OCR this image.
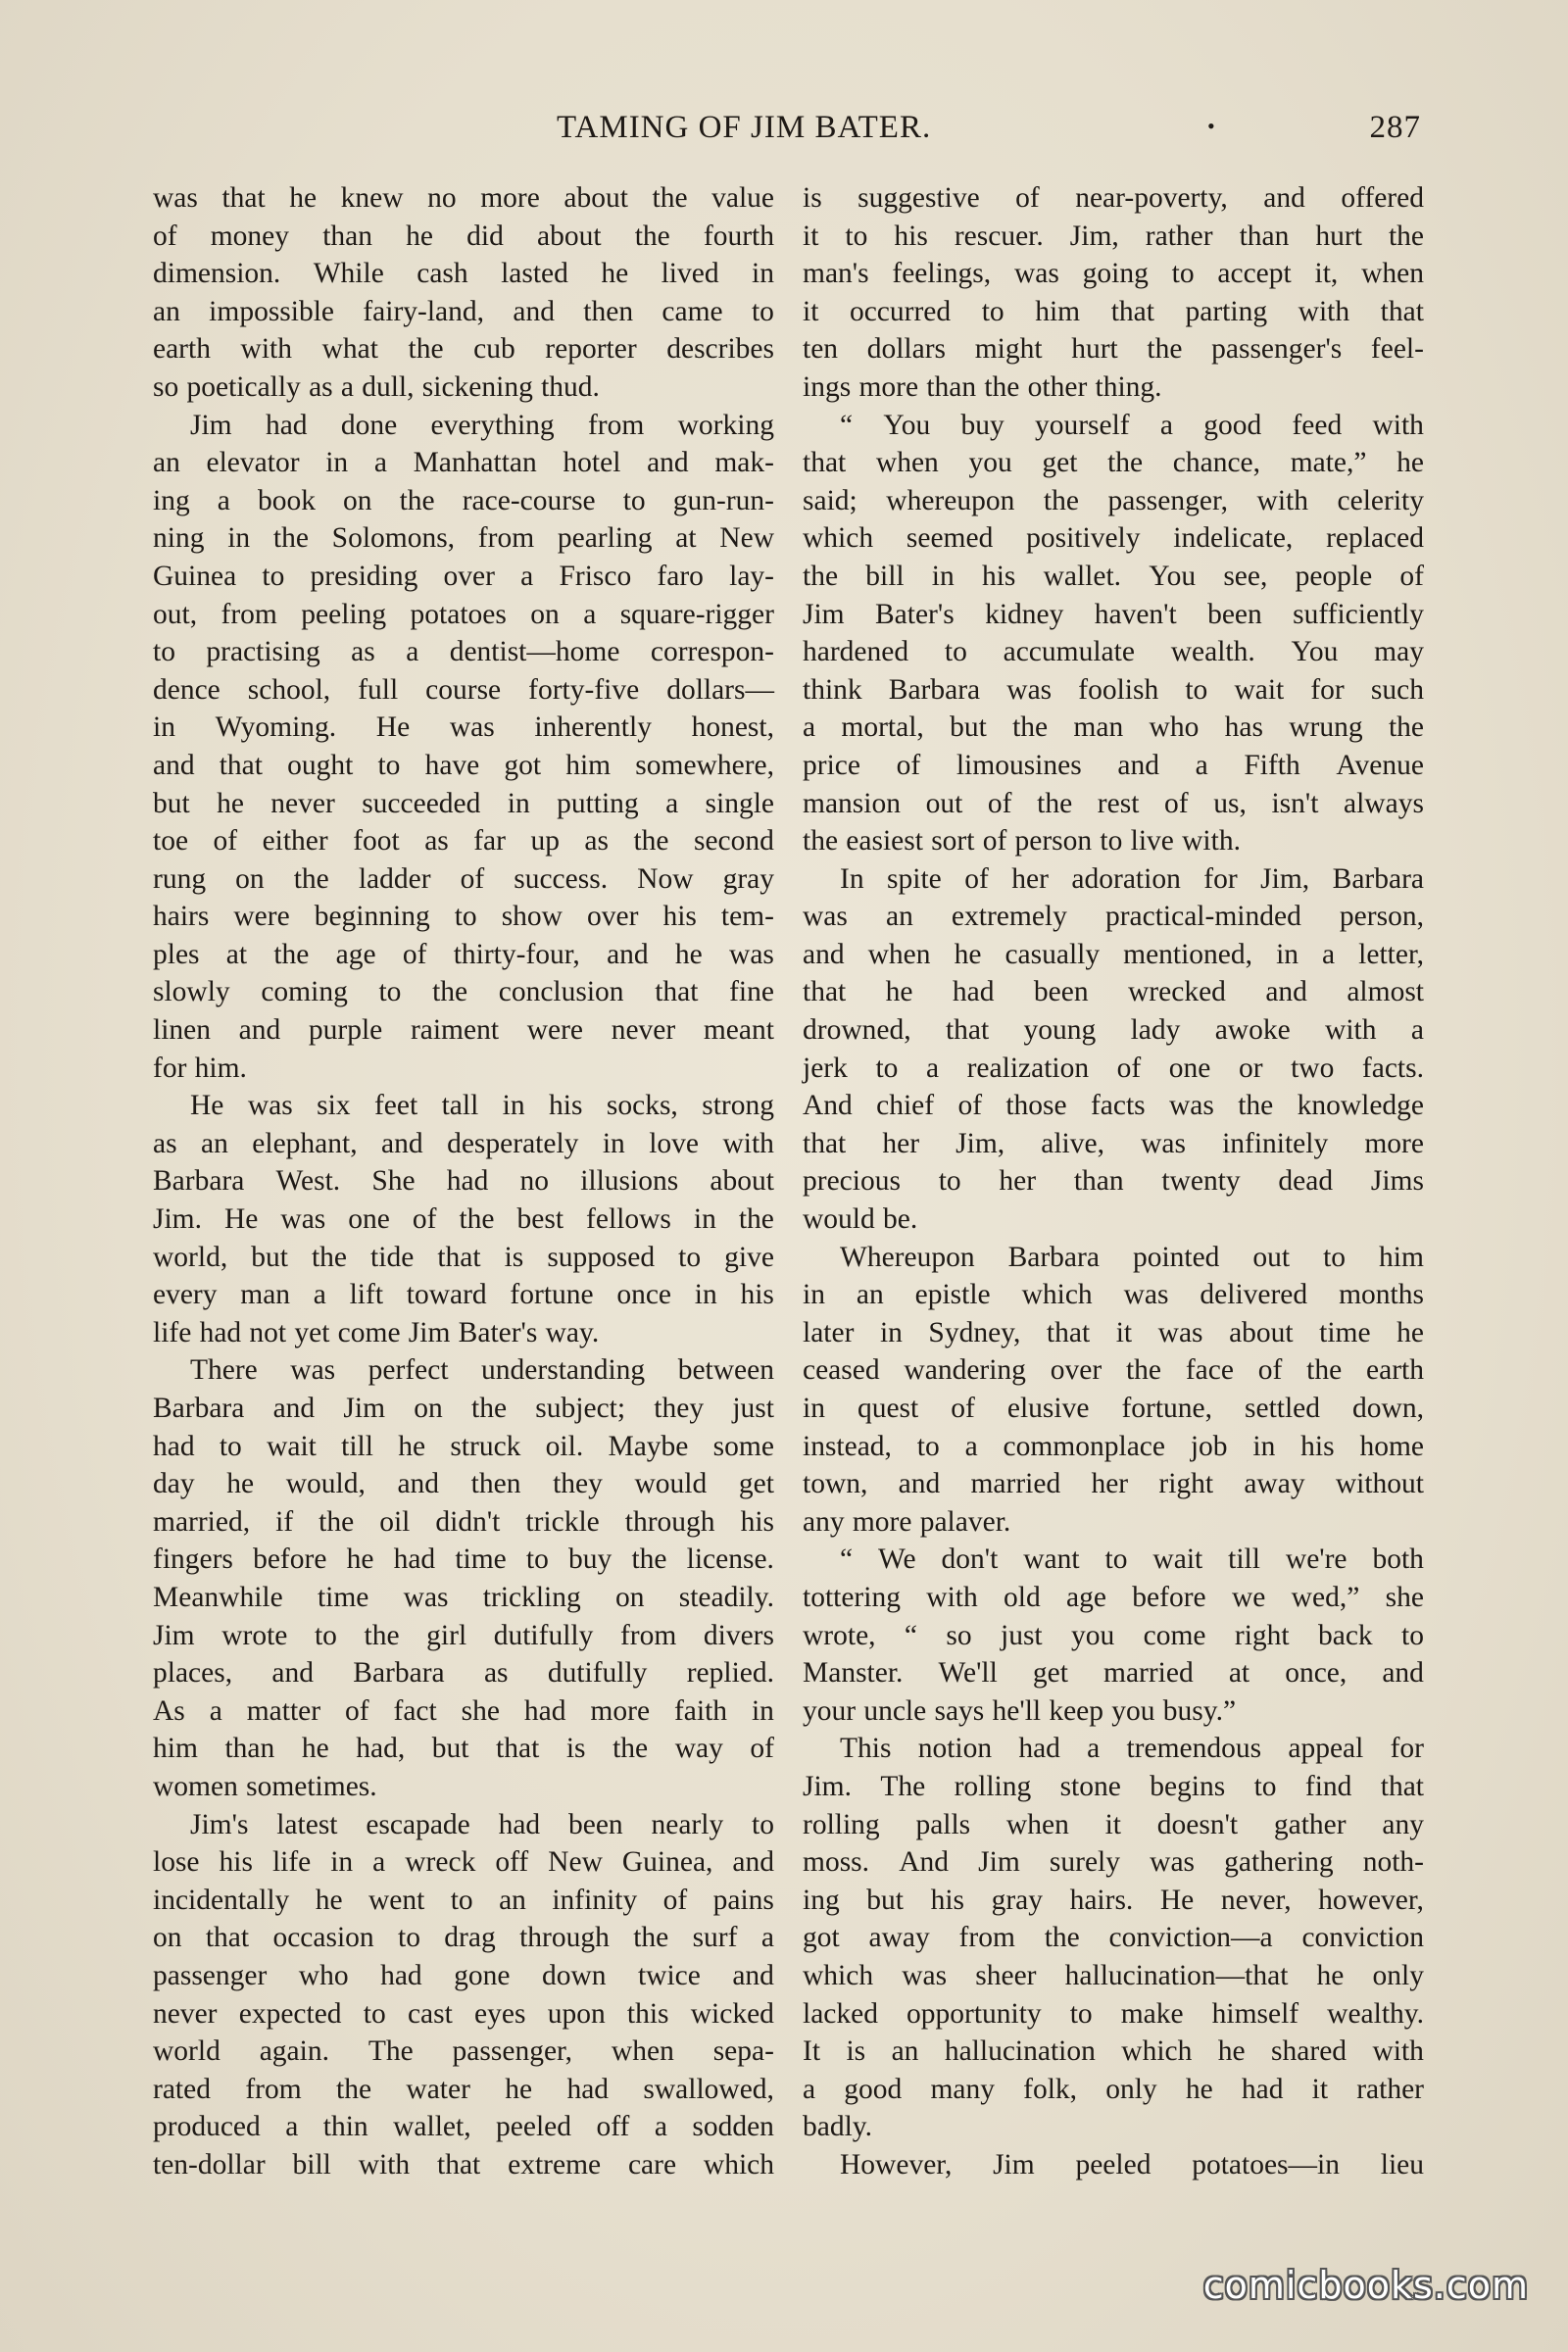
TAMING OF JIM BATER.	•	287
was that he knew no more about the value
of money than he did about the fourth
dimension. While cash lasted he lived in
an impossible fairy-land, and then came to
earth with what the cub reporter describes
so poetically as a dull, sickening thud.
Jim had done everything from working
an elevator in a Manhattan hotel and mak-
ing a book on the race-course to gun-run-
ning in the Solomons, from pearling at New
Guinea to presiding over a Frisco faro lay-
out, from peeling potatoes on a square-rigger
to practising as a dentist—home correspon-
dence school, full course forty-five dollars—
in Wyoming. He was inherently honest,
and that ought to have got him somewhere,
but he never succeeded in putting a single
toe of either foot as far up as the second
rung on the ladder of success. Now gray
hairs were beginning to show over his tem-
ples at the age of thirty-four, and he was
slowly coming to the conclusion that fine
linen and purple raiment were never meant
for him.
He was six feet tall in his socks, strong
as an elephant, and desperately in love with
Barbara West. She had no illusions about
Jim. He was one of the best fellows in the
world, but the tide that is supposed to give
every man a lift toward fortune once in his
life had not yet come Jim Bater's way.
There was perfect understanding between
Barbara and Jim on the subject; they just
had to wait till he struck oil. Maybe some
day he would, and then they would get
married, if the oil didn't trickle through his
fingers before he had time to buy the license.
Meanwhile time was trickling on steadily.
Jim wrote to the girl dutifully from divers
places, and Barbara as dutifully replied.
As a matter of fact she had more faith in
him than he had, but that is the way of
women sometimes.
Jim's latest escapade had been nearly to
lose his life in a wreck off New Guinea, and
incidentally he went to an infinity of pains
on that occasion to drag through the surf a
passenger who had gone down twice and
never expected to cast eyes upon this wicked
world again. The passenger, when sepa-
rated from the water he had swallowed,
produced a thin wallet, peeled off a sodden
ten-dollar bill with that extreme care which
is suggestive of near-poverty, and offered
it to his rescuer. Jim, rather than hurt the
man's feelings, was going to accept it, when
it occurred to him that parting with that
ten dollars might hurt the passenger's feel-
ings more than the other thing.
“ You buy yourself a good feed with
that when you get the chance, mate,” he
said; whereupon the passenger, with celerity
which seemed positively indelicate, replaced
the bill in his wallet. You see, people of
Jim Bater's kidney haven't been sufficiently
hardened to accumulate wealth. You may
think Barbara was foolish to wait for such
a mortal, but the man who has wrung the
price of limousines and a Fifth Avenue
mansion out of the rest of us, isn't always
the easiest sort of person to live with.
In spite of her adoration for Jim, Barbara
was an extremely practical-minded person,
and when he casually mentioned, in a letter,
that he had been wrecked and almost
drowned, that young lady awoke with a
jerk to a realization of one or two facts.
And chief of those facts was the knowledge
that her Jim, alive, was infinitely more
precious to her than twenty dead Jims
would be.
Whereupon Barbara pointed out to him
in an epistle which was delivered months
later in Sydney, that it was about time he
ceased wandering over the face of the earth
in quest of elusive fortune, settled down,
instead, to a commonplace job in his home
town, and married her right away without
any more palaver.
“ We don't want to wait till we're both
tottering with old age before we wed,” she
wrote, “ so just you come right back to
Manster. We'll get married at once, and
your uncle says he'll keep you busy.”
This notion had a tremendous appeal for
Jim. The rolling stone begins to find that
rolling palls when it doesn't gather any
moss. And Jim surely was gathering noth-
ing but his gray hairs. He never, however,
got away from the conviction—a conviction
which was sheer hallucination—that he only
lacked opportunity to make himself wealthy.
It is an hallucination which he shared with
a good many folk, only he had it rather
badly.
However, Jim peeled potatoes—in lieu
comicbooks.com
